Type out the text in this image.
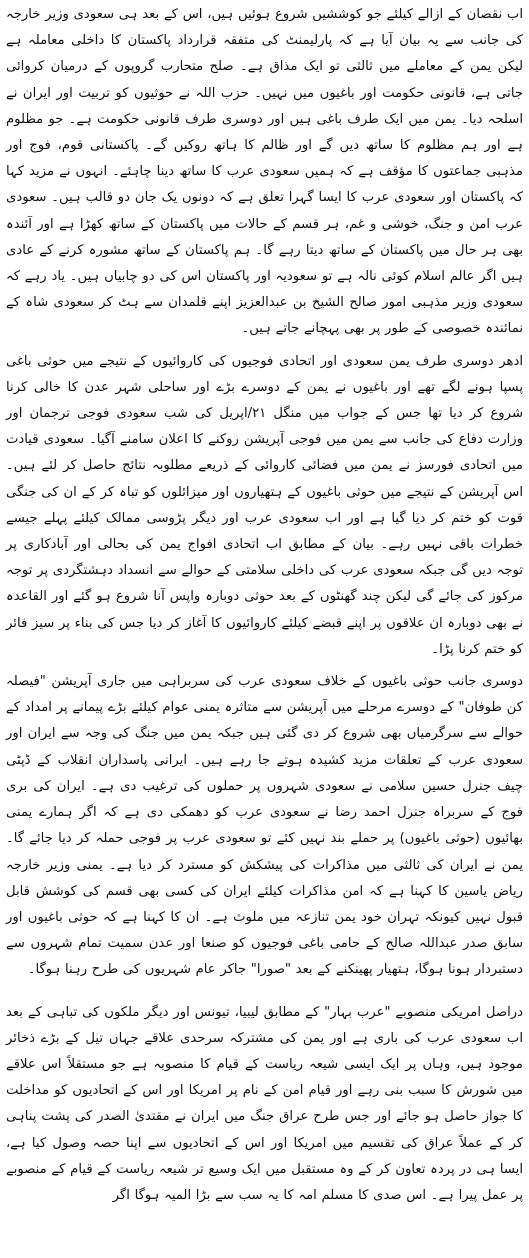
اب نقصان کے ازالے کیلئے جو کوششیں شروع ہوئیں ہیں، اس کے بعد ہی سعودی وزیر خارجہ کی جانب سے یہ بیان آیا ہے کہ پارلیمنٹ کی متفقہ قرارداد پاکستان کا داخلی معاملہ ہے لیکن یمن کے معاملے میں ثالثی تو ایک مذاق ہے۔ صلح متحارب گروپوں کے درمیان کروائی جاتی ہے، قانونی حکومت اور باغیوں میں نہیں۔ حزب اللہ نے حوثیوں کو تربیت اور ایران نے اسلحہ دیا۔ یمن میں ایک طرف باغی ہیں اور دوسری طرف قانونی حکومت ہے۔ جو مظلوم ہے اور ہم مظلوم کا ساتھ دیں گے اور ظالم کا ہاتھ روکیں گے۔ پاکستانی قوم، فوج اور مذہبی جماعتوں کا مؤقف ہے کہ ہمیں سعودی عرب کا ساتھ دینا چاہئے۔ انہوں نے مزید کہا کہ پاکستان اور سعودی عرب کا ایسا گہرا تعلق ہے کہ دونوں یک جان دو قالب ہیں۔ سعودی عرب امن و جنگ، خوشی و غم، ہر قسم کے حالات میں پاکستان کے ساتھ کھڑا ہے اور آئندہ بھی ہر حال میں پاکستان کے ساتھ دیتا رہے گا۔ ہم پاکستان کے ساتھ مشورہ کرنے کے عادی ہیں اگر عالم اسلام کوئی نالہ ہے تو سعودیہ اور پاکستان اس کی دو چابیاں ہیں۔ یاد رہے کہ سعودی وزیر مذہبی امور صالح الشیخ بن عبدالعزیز اپنے قلمدان سے ہٹ کر سعودی شاہ کے نمائندہ خصوصی کے طور پر بھی پہچانے جاتے ہیں۔

ادھر دوسری طرف یمن سعودی اور اتحادی فوجیوں کی کاروائیوں کے نتیجے میں حوثی باغی پسپا ہونے لگے تھے اور باغیوں نے یمن کے دوسرے بڑے اور ساحلی شہر عدن کا خالی کرنا شروع کر دیا تھا جس کے جواب میں منگل ۲۱/اپریل کی شب سعودی فوجی ترجمان اور وزارت دفاع کی جانب سے یمن میں فوجی آپریشن روکنے کا اعلان سامنے آگیا۔ سعودی قیادت میں اتحادی فورسز نے یمن میں فضائی کاروائی کے ذریعے مطلوبہ نتائج حاصل کر لئے ہیں۔ اس آپریشن کے نتیجے میں حوثی باغیوں کے ہتھیاروں اور میزائلوں کو تباہ کر کے ان کی جنگی قوت کو ختم کر دیا گیا ہے اور اب سعودی عرب اور دیگر پڑوسی ممالک کیلئے پہلے جیسے خطرات باقی نہیں رہے۔ بیان کے مطابق اب اتحادی افواج یمن کی بحالی اور آبادکاری پر توجہ دیں گی جبکہ سعودی عرب کی داخلی سلامتی کے حوالے سے انسداد دہشتگردی پر توجہ مرکوز کی جائے گی لیکن چند گھنٹوں کے بعد حوثی دوبارہ واپس آنا شروع ہو گئے اور القاعدہ نے بھی دوبارہ ان علاقوں پر اپنے قبضے کیلئے کاروائیوں کا آغاز کر دیا جس کی بناء پر سیز فائر کو ختم کرنا پڑا۔

دوسری جانب حوثی باغیوں کے خلاف سعودی عرب کی سربراہی میں جاری آپریشن "فیصلہ کن طوفان" کے دوسرے مرحلے میں آپریشن سے متاثرہ یمنی عوام کیلئے بڑے پیمانے پر امداد کے حوالے سے سرگرمیاں بھی شروع کر دی گئی ہیں جبکہ یمن میں جنگ کی وجہ سے ایران اور سعودی عرب کے تعلقات مزید کشیدہ ہوتے جا رہے ہیں۔ ایرانی پاسداران انقلاب کے ڈپٹی چیف جنرل حسین سلامی نے سعودی شہروں پر حملوں کی ترغیب دی ہے۔ ایران کی بری فوج کے سربراہ جنرل احمد رضا نے سعودی عرب کو دھمکی دی ہے کہ اگر ہمارے یمنی بھائیوں (حوثی باغیوں) پر حملے بند نہیں کئے تو سعودی عرب پر فوجی حملہ کر دیا جائے گا۔ یمن نے ایران کی ثالثی میں مذاکرات کی پیشکش کو مسترد کر دیا ہے۔ یمنی وزیر خارجہ ریاض یاسین کا کہنا ہے کہ امن مذاکرات کیلئے ایران کی کسی بھی قسم کی کوشش قابل قبول نہیں کیونکہ تہران خود یمن تنازعہ میں ملوث ہے۔ ان کا کہنا ہے کہ حوثی باغیوں اور سابق صدر عبداللہ صالح کے حامی باغی فوجیوں کو صنعا اور عدن سمیت تمام شہروں سے دستبردار ہونا ہوگا، ہتھیار پھینکنے کے بعد "صورا" جاکر عام شہریوں کی طرح رہنا ہوگا۔

دراصل امریکی منصوبے "عرب بہار" کے مطابق لیبیا، تیونس اور دیگر ملکوں کی تباہی کے بعد اب سعودی عرب کی باری ہے اور یمن کی مشترکہ سرحدی علاقے جہاں تیل کے بڑے ذخائر موجود ہیں، وہاں پر ایک ایسی شیعہ ریاست کے قیام کا منصوبہ ہے جو مستقلاً اس علاقے میں شورش کا سبب بنی رہے اور قیام امن کے نام پر امریکا اور اس کے اتحادیوں کو مداخلت کا جواز حاصل ہو جائے اور جس طرح عراق جنگ میں ایران نے مقتدیٰ الصدر کی پشت پناہی کر کے عملاً عراق کی تقسیم میں امریکا اور اس کے اتحادیوں سے اپنا حصہ وصول کیا ہے، ایسا ہی در پردہ تعاون کر کے وہ مستقبل میں ایک وسیع تر شیعہ ریاست کے قیام کے منصوبے پر عمل پیرا ہے۔ اس صدی کا مسلم امہ کا یہ سب سے بڑا المیہ ہوگا اگر
